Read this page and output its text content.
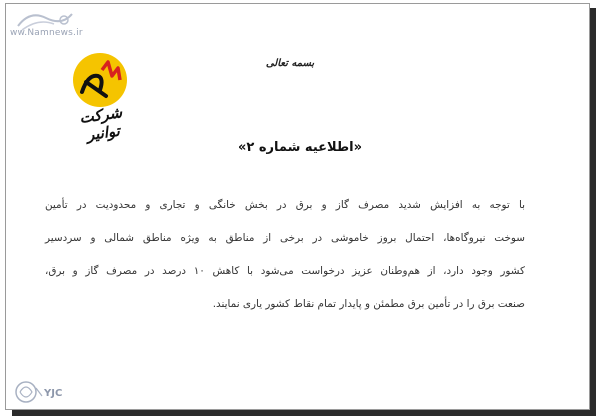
ww.Namnews.ir
YJC
شرکت توانیر
بسمه تعالی
«اطلاعیه شماره ۲»
با توجه به افزایش شدید مصرف گاز و برق در بخش خانگی و تجاری و محدودیت در تأمین
سوخت نیروگاه‌ها، احتمال بروز خاموشی در برخی از مناطق به ویژه مناطق شمالی و سردسیر
کشور وجود دارد، از هم‌وطنان عزیز درخواست می‌شود با کاهش ۱۰ درصد در مصرف گاز و برق،
صنعت برق را در تأمین برق مطمئن و پایدار تمام نقاط کشور یاری نمایند.
